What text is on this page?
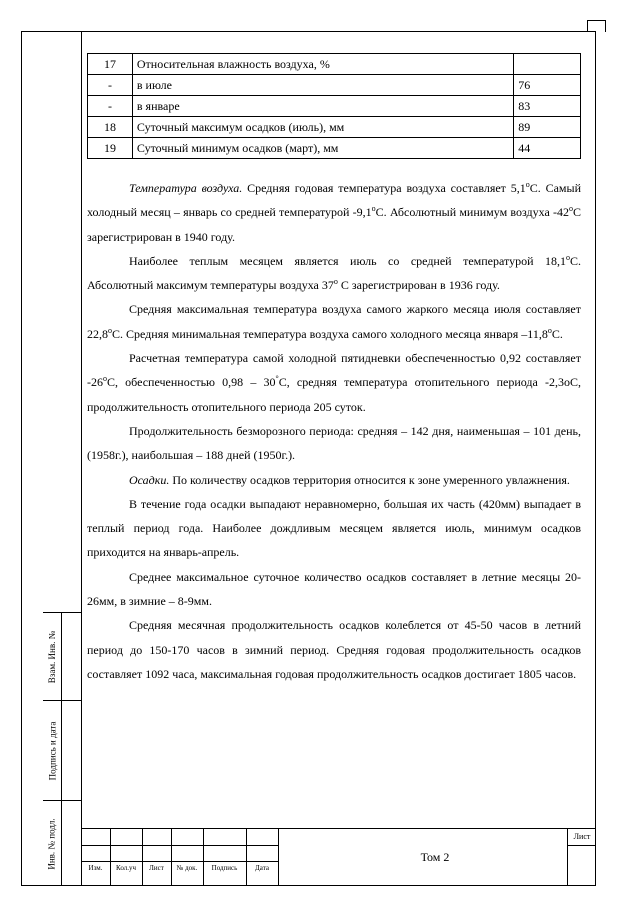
17	Относительная влажность воздуха, %	
-	в июле	76
-	в январе	83
18	Суточный максимум осадков (июль), мм	89
19	Суточный минимум осадков (март), мм	44

Температура воздуха. Средняя годовая температура воздуха составляет 5,1$^o$С. Самый холодный месяц – январь со средней температурой -9,1$^o$С. Абсолютный минимум воздуха -42$^o$С зарегистрирован в 1940 году.

Наиболее теплым месяцем является июль со средней температурой 18,1$^o$С. Абсолютный максимум температуры воздуха 37$^o$ С зарегистрирован в 1936 году.

Средняя максимальная температура воздуха самого жаркого месяца июля составляет 22,8$^o$С. Средняя минимальная температура воздуха самого холодного месяца января –11,8$^o$С.

Расчетная температура самой холодной пятидневки обеспеченностью 0,92 составляет -26$^o$С, обеспеченностью 0,98 – 30°С, средняя температура отопительного периода -2,3оС, продолжительность отопительного периода 205 суток.

Продолжительность безморозного периода: средняя – 142 дня, наименьшая – 101 день, (1958г.), наибольшая – 188 дней (1950г.).

Осадки. По количеству осадков территория относится к зоне умеренного увлажнения.

В течение года осадки выпадают неравномерно, большая их часть (420мм) выпадает в теплый период года. Наиболее дождливым месяцем является июль, минимум осадков приходится на январь-апрель.

Среднее максимальное суточное количество осадков составляет в летние месяцы 20-26мм, в зимние – 8-9мм.

Средняя месячная продолжительность осадков колеблется от 45-50 часов в летний период до 150-170 часов в зимний период. Средняя годовая продолжительность осадков составляет 1092 часа, максимальная годовая продолжительность осадков достигает 1805 часов.

Взам. Инв. №
Подпись и дата
Инв. № подл.	Изм.	Кол.уч	Лист	№ док.	Подпись	Дата
Том 2
Лист
